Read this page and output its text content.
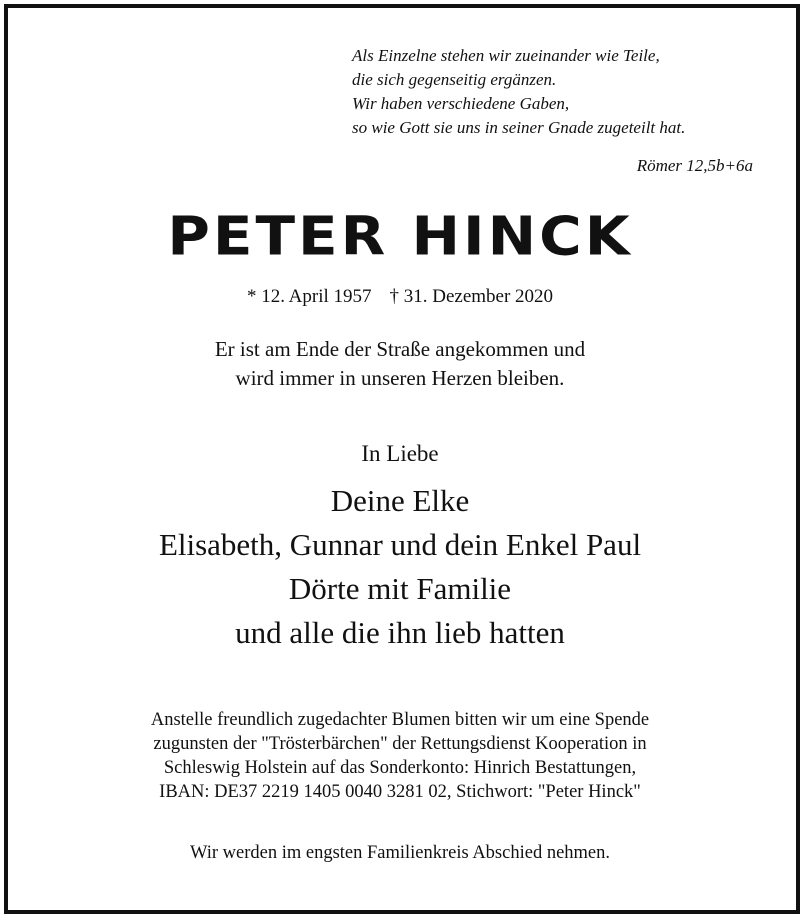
Als Einzelne stehen wir zueinander wie Teile,
die sich gegenseitig ergänzen.
Wir haben verschiedene Gaben,
so wie Gott sie uns in seiner Gnade zugeteilt hat.
Römer 12,5b+6a
PETER HINCK
* 12. April 1957 † 31. Dezember 2020
Er ist am Ende der Straße angekommen und
wird immer in unseren Herzen bleiben.
In Liebe
Deine Elke
Elisabeth, Gunnar und dein Enkel Paul
Dörte mit Familie
und alle die ihn lieb hatten
Anstelle freundlich zugedachter Blumen bitten wir um eine Spende
zugunsten der "Trösterbärchen" der Rettungsdienst Kooperation in
Schleswig Holstein auf das Sonderkonto: Hinrich Bestattungen,
IBAN: DE37 2219 1405 0040 3281 02, Stichwort: "Peter Hinck"
Wir werden im engsten Familienkreis Abschied nehmen.
